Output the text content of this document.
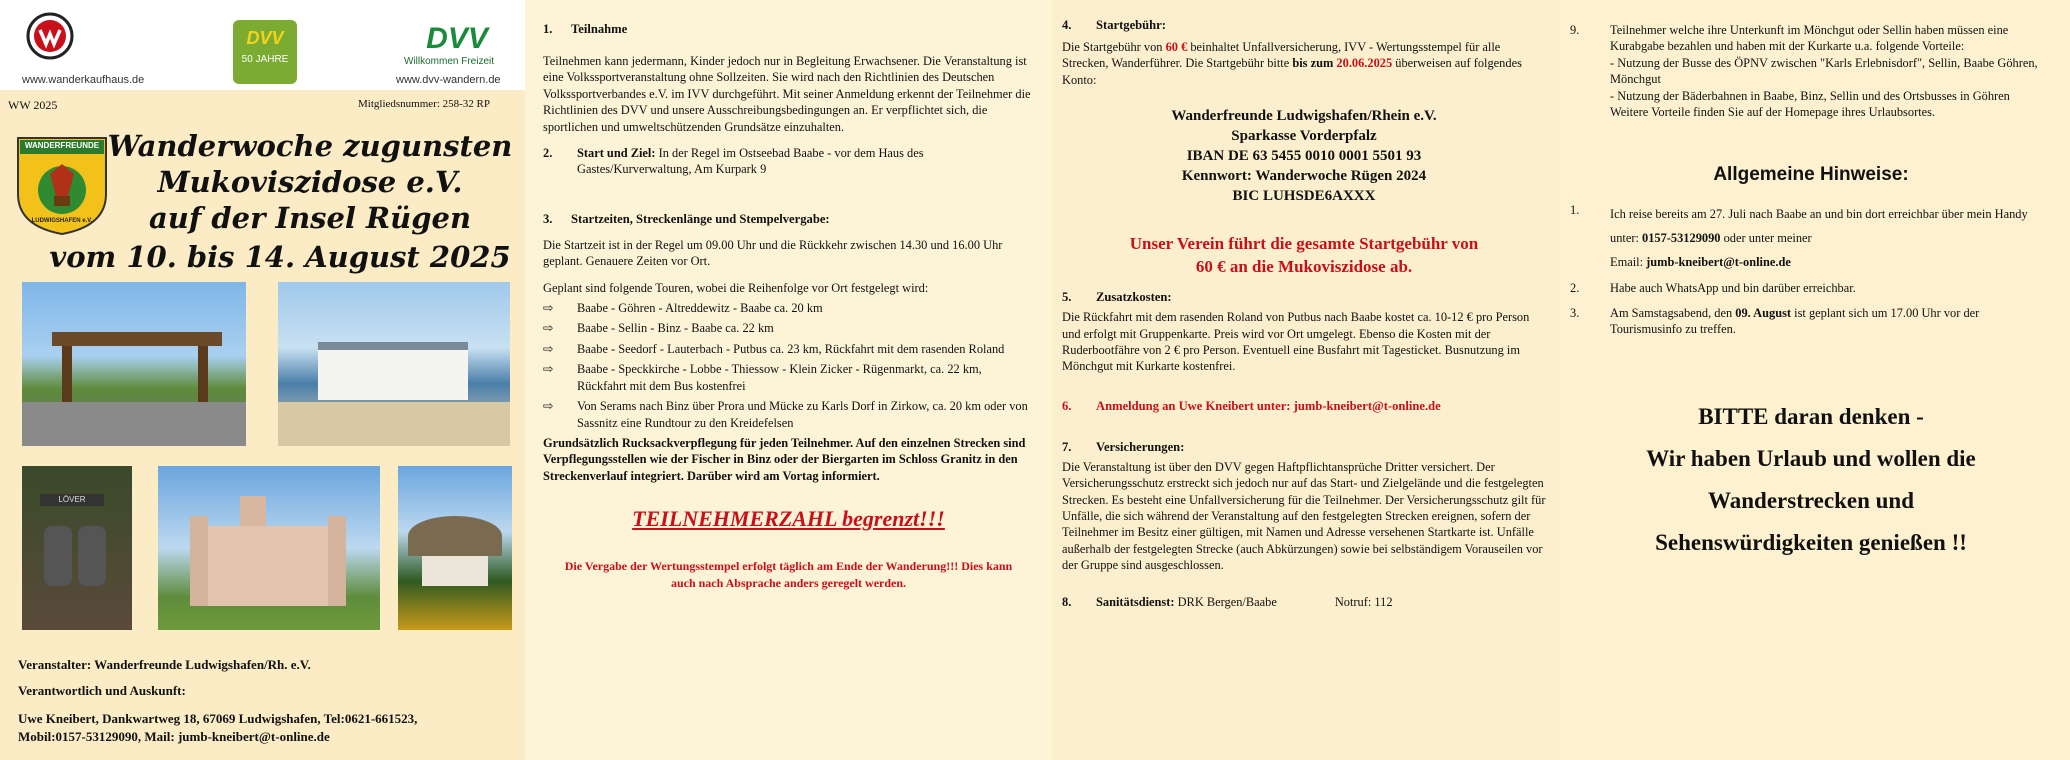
www.wanderkaufhaus.de
DVV
50 JAHRE
DVV
Willkommen Freizeit
www.dvv-wandern.de
WW 2025	Mitgliedsnummer: 258-32 RP
WANDERFREUNDE
LUDWIGSHAFEN e.V.
Wanderwoche zugunsten
Mukoviszidose e.V.
auf der Insel Rügen
vom 10. bis 14. August 2025
LÖVER
Veranstalter: Wanderfreunde Ludwigshafen/Rh. e.V.
Verantwortlich und Auskunft:
Uwe Kneibert, Dankwartweg 18, 67069 Ludwigshafen, Tel:0621-661523,
Mobil:0157-53129090, Mail: jumb-kneibert@t-online.de
1. Teilnahme

Teilnehmen kann jedermann, Kinder jedoch nur in Begleitung Erwachsener. Die Veranstaltung ist eine Volkssportveranstaltung ohne Sollzeiten. Sie wird nach den Richtlinien des Deutschen Volkssportverbandes e.V. im IVV durchgeführt. Mit seiner Anmeldung erkennt der Teilnehmer die Richtlinien des DVV und unsere Ausschreibungsbedingungen an. Er verpflichtet sich, die sportlichen und umweltschützenden Grundsätze einzuhalten.

2.	Start und Ziel: In der Regel im Ostseebad Baabe - vor dem Haus des Gastes/Kurverwaltung, Am Kurpark 9
3. Startzeiten, Streckenlänge und Stempelvergabe:

Die Startzeit ist in der Regel um 09.00 Uhr und die Rückkehr zwischen 14.30 und 16.00 Uhr geplant. Genauere Zeiten vor Ort.

Geplant sind folgende Touren, wobei die Reihenfolge vor Ort festgelegt wird:

⇨	Baabe - Göhren - Altreddewitz - Baabe ca. 20 km
⇨	Baabe - Sellin - Binz - Baabe ca. 22 km
⇨	Baabe - Seedorf - Lauterbach - Putbus ca. 23 km, Rückfahrt mit dem rasenden Roland
⇨	Baabe - Speckkirche - Lobbe - Thiessow - Klein Zicker - Rügenmarkt, ca. 22 km, Rückfahrt mit dem Bus kostenfrei
⇨	Von Serams nach Binz über Prora und Mücke zu Karls Dorf in Zirkow, ca. 20 km oder von Sassnitz eine Rundtour zu den Kreidefelsen

Grundsätzlich Rucksackverpflegung für jeden Teilnehmer. Auf den einzelnen Strecken sind Verpflegungsstellen wie der Fischer in Binz oder der Biergarten im Schloss Granitz in den Streckenverlauf integriert. Darüber wird am Vortag informiert.

TEILNEHMERZAHL begrenzt!!!

Die Vergabe der Wertungsstempel erfolgt täglich am Ende der Wanderung!!! Dies kann auch nach Absprache anders geregelt werden.

4. Startgebühr:

Die Startgebühr von 60 € beinhaltet Unfallversicherung, IVV - Wertungsstempel für alle Strecken, Wanderführer. Die Startgebühr bitte bis zum 20.06.2025 überweisen auf folgendes Konto:

Wanderfreunde Ludwigshafen/Rhein e.V.
Sparkasse Vorderpfalz
IBAN DE 63 5455 0010 0001 5501 93
Kennwort: Wanderwoche Rügen 2024
BIC LUHSDE6AXXX
Unser Verein führt die gesamte Startgebühr von
60 € an die Mukoviszidose ab.
5. Zusatzkosten:

Die Rückfahrt mit dem rasenden Roland von Putbus nach Baabe kostet ca. 10-12 € pro Person und erfolgt mit Gruppenkarte. Preis wird vor Ort umgelegt. Ebenso die Kosten mit der Ruderbootfähre von 2 € pro Person. Eventuell eine Busfahrt mit Tagesticket. Busnutzung im Mönchgut mit Kurkarte kostenfrei.

6. Anmeldung an Uwe Kneibert unter: jumb-kneibert@t-online.de
7. Versicherungen:

Die Veranstaltung ist über den DVV gegen Haftpflichtansprüche Dritter versichert. Der Versicherungsschutz erstreckt sich jedoch nur auf das Start- und Zielgelände und die festgelegten Strecken. Es besteht eine Unfallversicherung für die Teilnehmer. Der Versicherungsschutz gilt für Unfälle, die sich während der Veranstaltung auf den festgelegten Strecken ereignen, sofern der Teilnehmer im Besitz einer gültigen, mit Namen und Adresse versehenen Startkarte ist. Unfälle außerhalb der festgelegten Strecke (auch Abkürzungen) sowie bei selbständigem Vorauseilen vor der Gruppe sind ausgeschlossen.

8.	Sanitätsdienst:
DRK Bergen/Baabe	Notruf: 112
9.	Teilnehmer welche ihre Unterkunft im Mönchgut oder Sellin haben müssen eine Kurabgabe bezahlen und haben mit der Kurkarte u.a. folgende Vorteile:

- Nutzung der Busse des ÖPNV zwischen "Karls Erlebnisdorf", Sellin, Baabe Göhren, Mönchgut

- Nutzung der Bäderbahnen in Baabe, Binz, Sellin und des Ortsbusses in Göhren

Weitere Vorteile finden Sie auf der Homepage ihres Urlaubsortes.

Allgemeine Hinweise:
1.	Ich reise bereits am 27. Juli nach Baabe an und bin dort erreichbar über mein Handy unter: 0157-53129090 oder unter meiner
Email: jumb-kneibert@t-online.de

2.	Habe auch WhatsApp und bin darüber erreichbar.

3.	Am Samstagsabend, den 09. August ist geplant sich um 17.00 Uhr vor der Tourismusinfo zu treffen.

BITTE daran denken -
Wir haben Urlaub und wollen die
Wanderstrecken und
Sehenswürdigkeiten genießen !!
